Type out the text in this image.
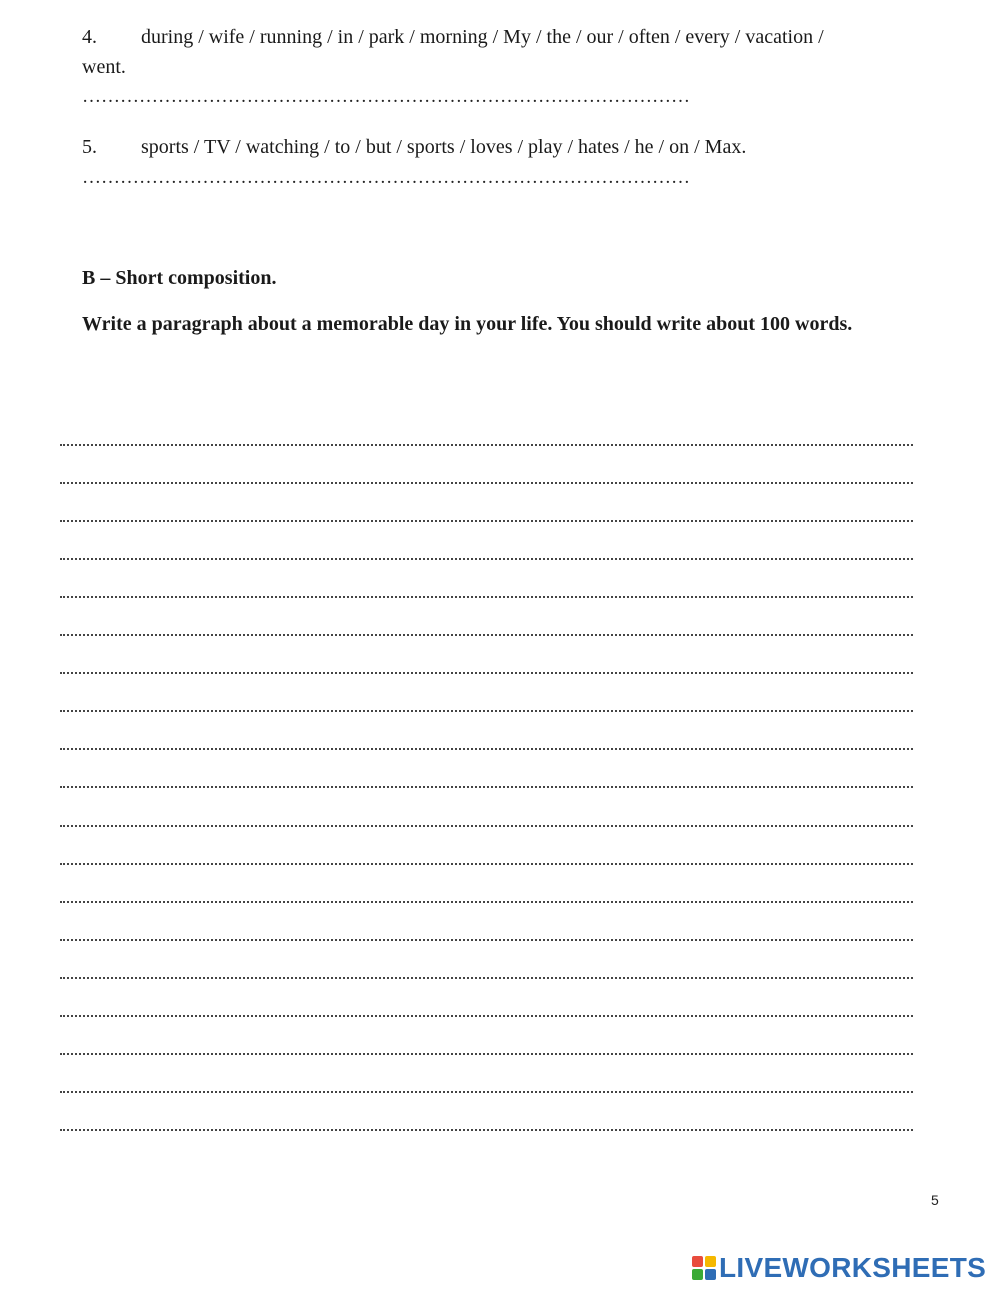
4. during / wife / running / in / park / morning / My / the / our / often / every / vacation /
went.
……………………………………………………………………………………
5. sports / TV / watching / to / but / sports / loves / play / hates / he / on / Max.
……………………………………………………………………………………
B – Short composition.
Write a paragraph about a memorable day in your life. You should write about 100 words.
5
LIVEWORKSHEETS
